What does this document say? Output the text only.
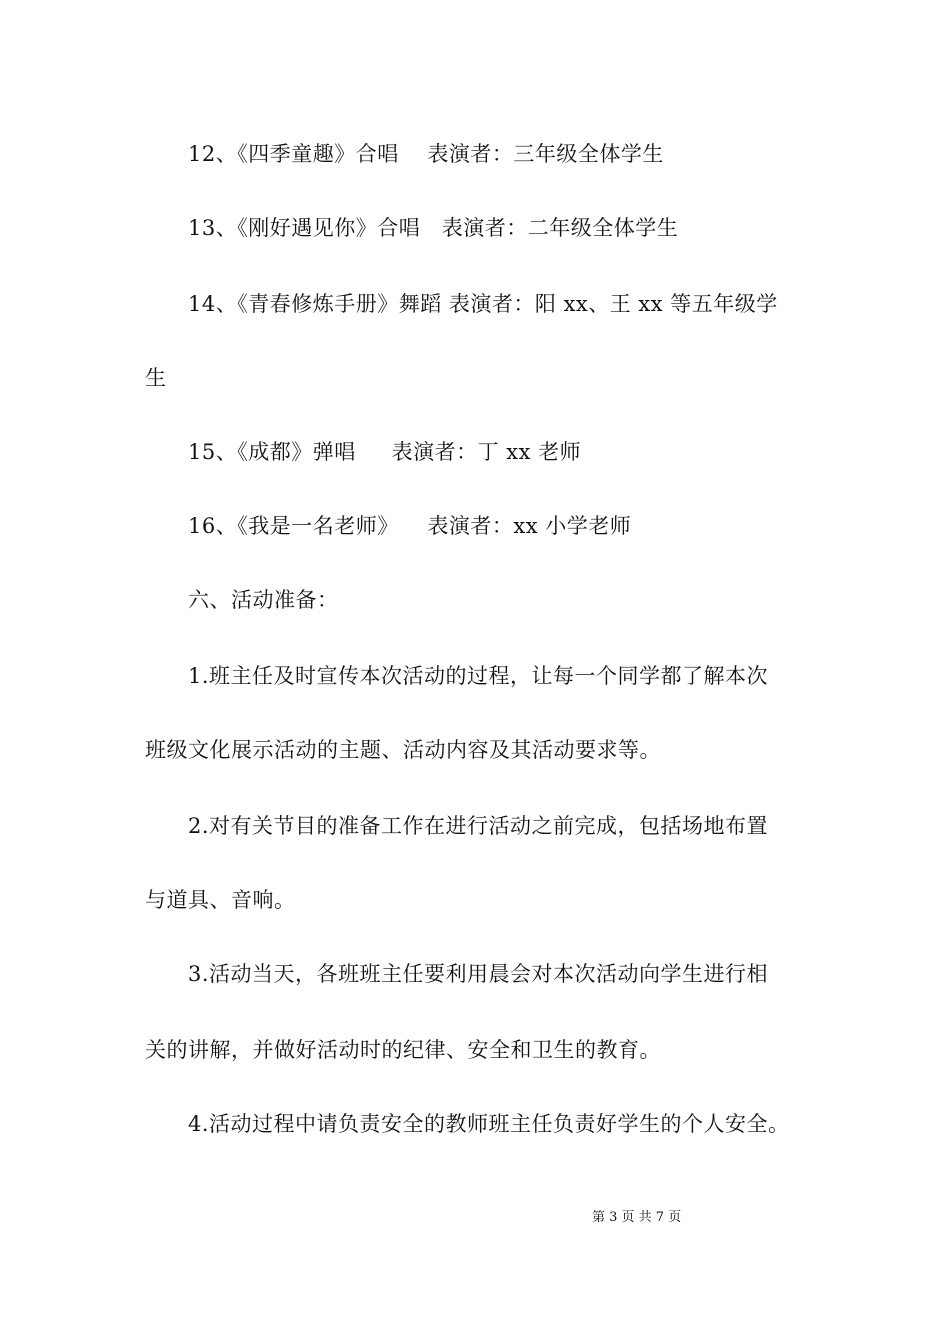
12、《四季童趣》合唱    表演者：三年级全体学生
13、《刚好遇见你》合唱   表演者：二年级全体学生
14、《青春修炼手册》舞蹈 表演者：阳 xx、王 xx 等五年级学
生
15、《成都》弹唱     表演者：丁 xx 老师
16、《我是一名老师》    表演者：xx 小学老师
六、活动准备：
1.班主任及时宣传本次活动的过程，让每一个同学都了解本次
班级文化展示活动的主题、活动内容及其活动要求等。
2.对有关节目的准备工作在进行活动之前完成，包括场地布置
与道具、音响。
3.活动当天，各班班主任要利用晨会对本次活动向学生进行相
关的讲解，并做好活动时的纪律、安全和卫生的教育。
4.活动过程中请负责安全的教师班主任负责好学生的个人安全。
第 3 页 共 7 页
